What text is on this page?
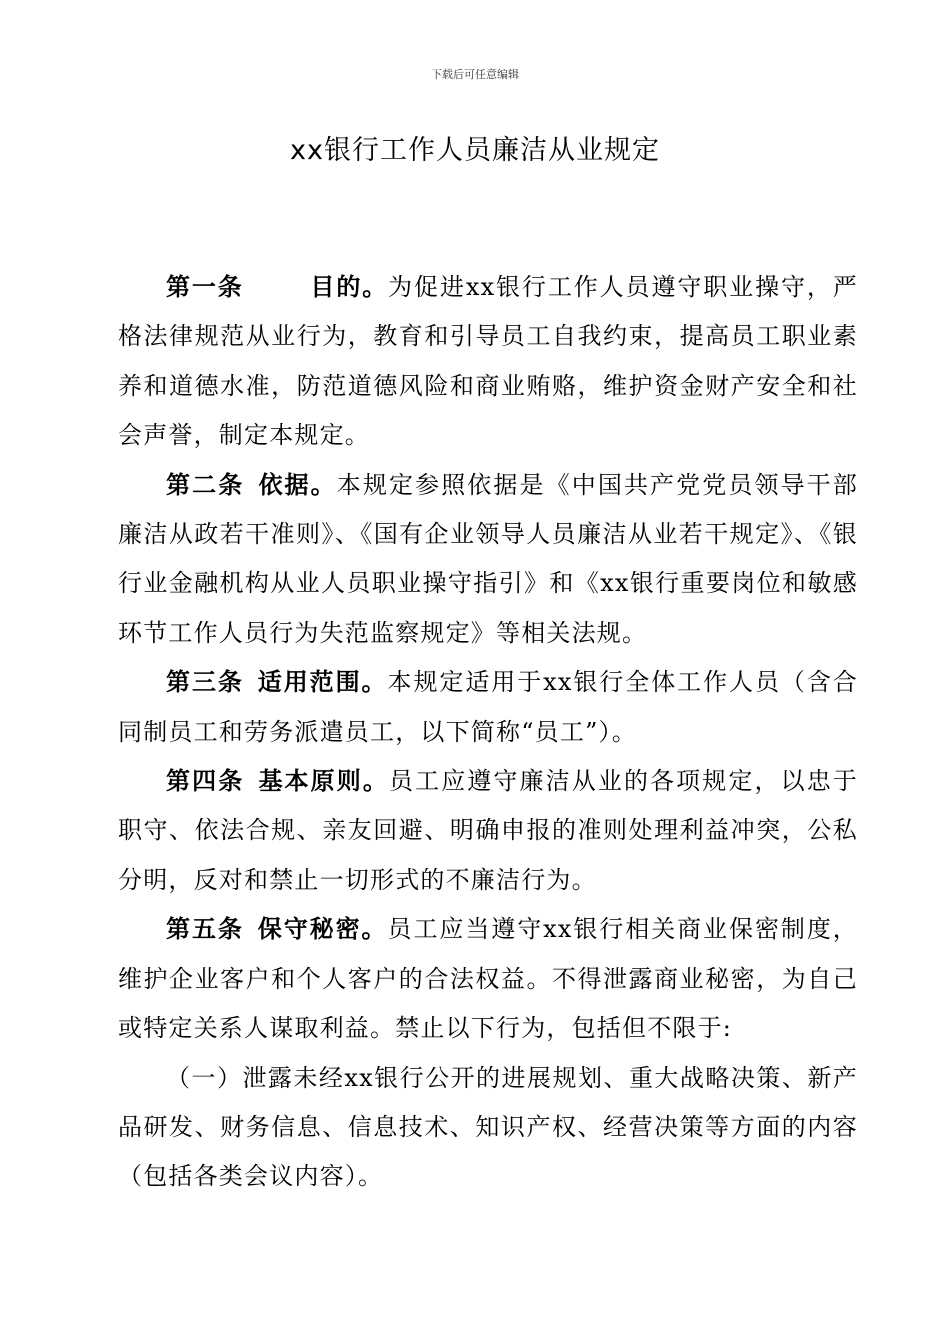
下载后可任意编辑
xx银行工作人员廉洁从业规定

第一条	目的。为促进xx银行工作人员遵守职业操守，严格法律规范从业行为，教育和引导员工自我约束，提高员工职业素养和道德水准，防范道德风险和商业贿赂，维护资金财产安全和社会声誉，制定本规定。

第二条  依据。本规定参照依据是《中国共产党党员领导干部廉洁从政若干准则》、《国有企业领导人员廉洁从业若干规定》、《银行业金融机构从业人员职业操守指引》和《xx银行重要岗位和敏感环节工作人员行为失范监察规定》等相关法规。

第三条  适用范围。本规定适用于xx银行全体工作人员（含合同制员工和劳务派遣员工，以下简称“员工”）。

第四条  基本原则。员工应遵守廉洁从业的各项规定，以忠于职守、依法合规、亲友回避、明确申报的准则处理利益冲突，公私分明，反对和禁止一切形式的不廉洁行为。

第五条  保守秘密。员工应当遵守xx银行相关商业保密制度，维护企业客户和个人客户的合法权益。不得泄露商业秘密，为自己或特定关系人谋取利益。禁止以下行为，包括但不限于:

（一）泄露未经xx银行公开的进展规划、重大战略决策、新产品研发、财务信息、信息技术、知识产权、经营决策等方面的内容（包括各类会议内容）。
